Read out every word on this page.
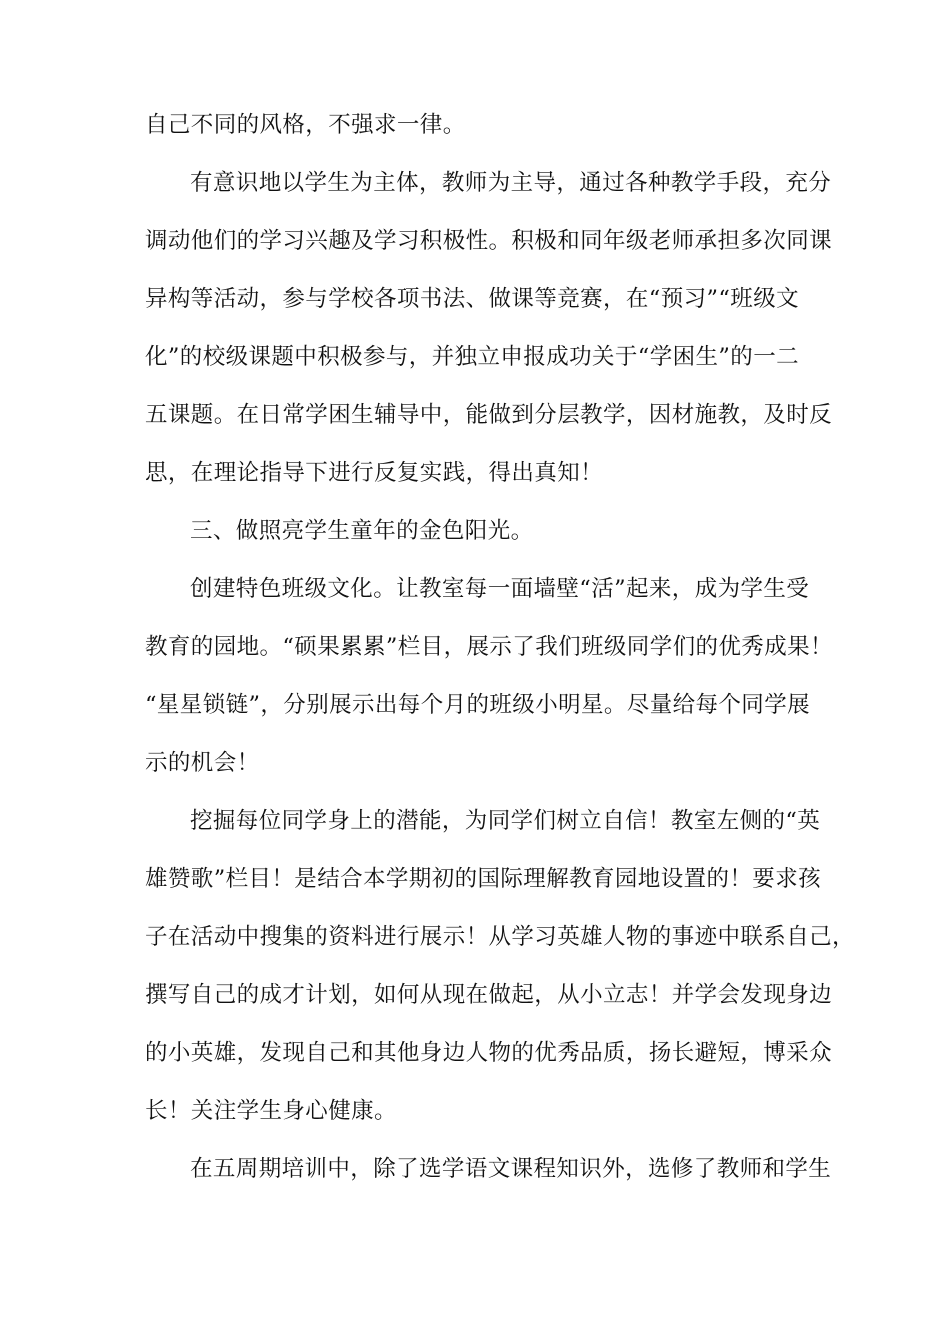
自己不同的风格，不强求一律。
有意识地以学生为主体，教师为主导，通过各种教学手段，充分
调动他们的学习兴趣及学习积极性。积极和同年级老师承担多次同课
异构等活动，参与学校各项书法、做课等竞赛，在“预习”“班级文
化”的校级课题中积极参与，并独立申报成功关于“学困生”的一二
五课题。在日常学困生辅导中，能做到分层教学，因材施教，及时反
思，在理论指导下进行反复实践，得出真知！
三、做照亮学生童年的金色阳光。
创建特色班级文化。让教室每一面墙壁“活”起来，成为学生受
教育的园地。“硕果累累”栏目，展示了我们班级同学们的优秀成果！
“星星锁链”，分别展示出每个月的班级小明星。尽量给每个同学展
示的机会！
挖掘每位同学身上的潜能，为同学们树立自信！教室左侧的“英
雄赞歌”栏目！是结合本学期初的国际理解教育园地设置的！要求孩
子在活动中搜集的资料进行展示！从学习英雄人物的事迹中联系自己，
撰写自己的成才计划，如何从现在做起，从小立志！并学会发现身边
的小英雄，发现自己和其他身边人物的优秀品质，扬长避短，博采众
长！关注学生身心健康。
在五周期培训中，除了选学语文课程知识外，选修了教师和学生
